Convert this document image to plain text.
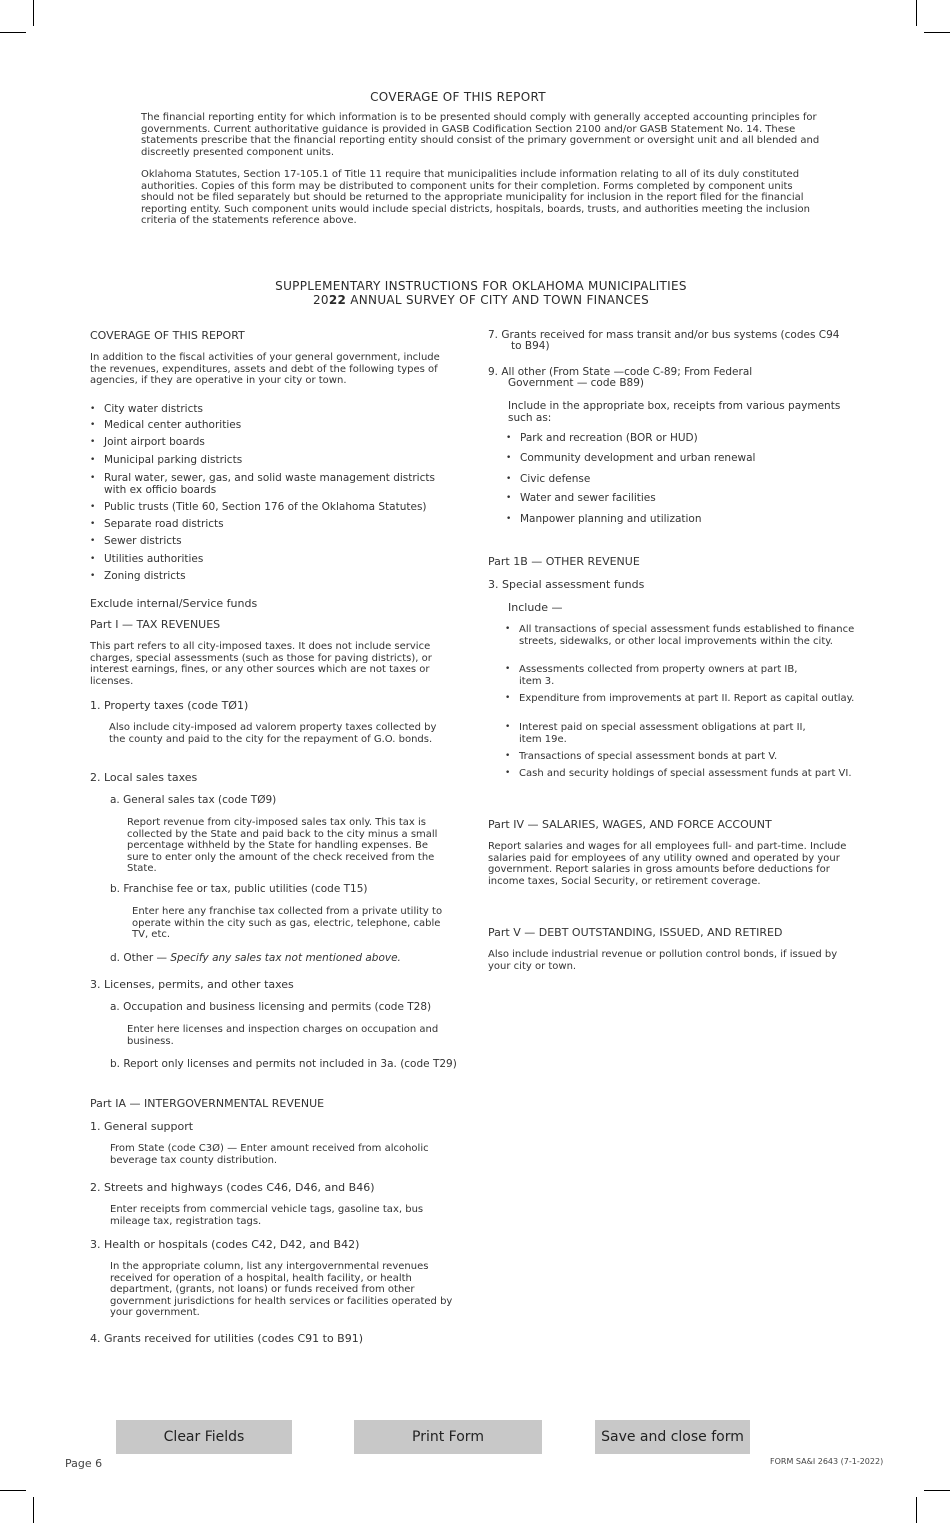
COVERAGE OF THIS REPORT

The financial reporting entity for which information is to be presented should comply with generally accepted accounting principles for governments. Current authoritative guidance is provided in GASB Codification Section 2100 and/or GASB Statement No. 14. These statements prescribe that the financial reporting entity should consist of the primary government or oversight unit and all blended and discreetly presented component units.

Oklahoma Statutes, Section 17-105.1 of Title 11 require that municipalities include information relating to all of its duly constituted authorities. Copies of this form may be distributed to component units for their completion. Forms completed by component units should not be filed separately but should be returned to the appropriate municipality for inclusion in the report filed for the financial reporting entity. Such component units would include special districts, hospitals, boards, trusts, and authorities meeting the inclusion criteria of the statements reference above.

SUPPLEMENTARY INSTRUCTIONS FOR OKLAHOMA MUNICIPALITIES
2022 ANNUAL SURVEY OF CITY AND TOWN FINANCES
COVERAGE OF THIS REPORT

In addition to the fiscal activities of your general government, include the revenues, expenditures, assets and debt of the following types of agencies, if they are operative in your city or town.

• City water districts
• Medical center authorities
• Joint airport boards
• Municipal parking districts
• Rural water, sewer, gas, and solid waste management districts with ex officio boards
• Public trusts (Title 60, Section 176 of the Oklahoma Statutes)
• Separate road districts
• Sewer districts
• Utilities authorities
• Zoning districts
Exclude internal/Service funds
Part I — TAX REVENUES

This part refers to all city-imposed taxes. It does not include service charges, special assessments (such as those for paving districts), or interest earnings, fines, or any other sources which are not taxes or licenses.

1. Property taxes (code TØ1)

Also include city-imposed ad valorem property taxes collected by the county and paid to the city for the repayment of G.O. bonds.

2. Local sales taxes
a. General sales tax (code TØ9)

Report revenue from city-imposed sales tax only. This tax is collected by the State and paid back to the city minus a small percentage withheld by the State for handling expenses. Be sure to enter only the amount of the check received from the State.

b. Franchise fee or tax, public utilities (code T15)

Enter here any franchise tax collected from a private utility to operate within the city such as gas, electric, telephone, cable TV, etc.

d. Other — Specify any sales tax not mentioned above.
3. Licenses, permits, and other taxes
a. Occupation and business licensing and permits (code T28)

Enter here licenses and inspection charges on occupation and business.

b. Report only licenses and permits not included in 3a. (code T29)
Part IA — INTERGOVERNMENTAL REVENUE
1. General support

From State (code C3Ø) — Enter amount received from alcoholic beverage tax county distribution.

2. Streets and highways (codes C46, D46, and B46)

Enter receipts from commercial vehicle tags, gasoline tax, bus mileage tax, registration tags.

3. Health or hospitals (codes C42, D42, and B42)

In the appropriate column, list any intergovernmental revenues received for operation of a hospital, health facility, or health department, (grants, not loans) or funds received from other government jurisdictions for health services or facilities operated by your government.

4. Grants received for utilities (codes C91 to B91)
7. Grants received for mass transit and/or bus systems (codes C94
to B94)
9. All other (From State —code C-89; From Federal
Government — code B89)

Include in the appropriate box, receipts from various payments such as:

• Park and recreation (BOR or HUD)
• Community development and urban renewal
• Civic defense
• Water and sewer facilities
• Manpower planning and utilization
Part 1B — OTHER REVENUE
3. Special assessment funds
Include —
• All transactions of special assessment funds established to finance streets, sidewalks, or other local improvements within the city.
• Assessments collected from property owners at part IB, item 3.
• Expenditure from improvements at part II. Report as capital outlay.
• Interest paid on special assessment obligations at part II, item 19e.
• Transactions of special assessment bonds at part V.
• Cash and security holdings of special assessment funds at part VI.
Part IV — SALARIES, WAGES, AND FORCE ACCOUNT

Report salaries and wages for all employees full- and part-time. Include salaries paid for employees of any utility owned and operated by your government. Report salaries in gross amounts before deductions for income taxes, Social Security, or retirement coverage.

Part V — DEBT OUTSTANDING, ISSUED, AND RETIRED

Also include industrial revenue or pollution control bonds, if issued by your city or town.

Clear Fields	Print Form	Save and close form
Page 6	FORM SA&I 2643 (7-1-2022)
